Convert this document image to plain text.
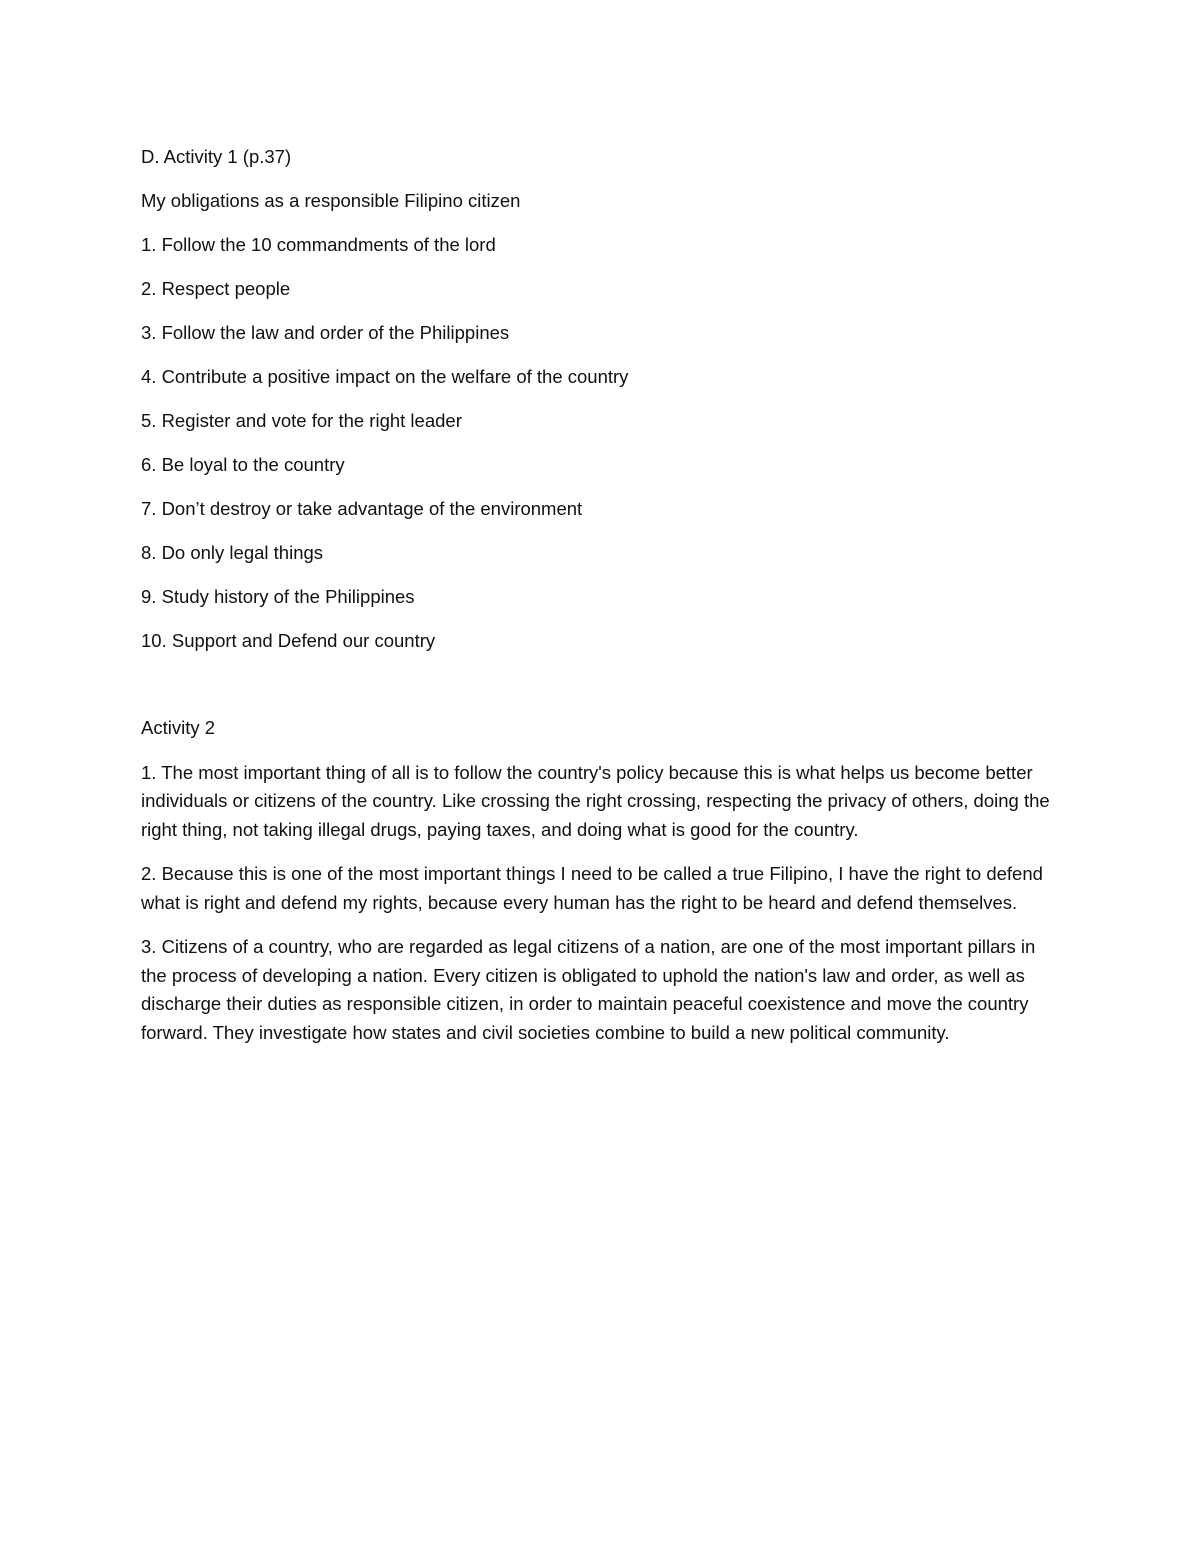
D. Activity 1 (p.37)
My obligations as a responsible Filipino citizen
1. Follow the 10 commandments of the lord
2. Respect people
3. Follow the law and order of the Philippines
4. Contribute a positive impact on the welfare of the country
5. Register and vote for the right leader
6. Be loyal to the country
7. Don’t destroy or take advantage of the environment
8. Do only legal things
9. Study history of the Philippines
10. Support and Defend our country
Activity 2

1. The most important thing of all is to follow the country's policy because this is what helps us become better individuals or citizens of the country. Like crossing the right crossing, respecting the privacy of others, doing the right thing, not taking illegal drugs, paying taxes, and doing what is good for the country.

2. Because this is one of the most important things I need to be called a true Filipino, I have the right to defend what is right and defend my rights, because every human has the right to be heard and defend themselves.

3. Citizens of a country, who are regarded as legal citizens of a nation, are one of the most important pillars in the process of developing a nation. Every citizen is obligated to uphold the nation's law and order, as well as discharge their duties as responsible citizen, in order to maintain peaceful coexistence and move the country forward. They investigate how states and civil societies combine to build a new political community.
